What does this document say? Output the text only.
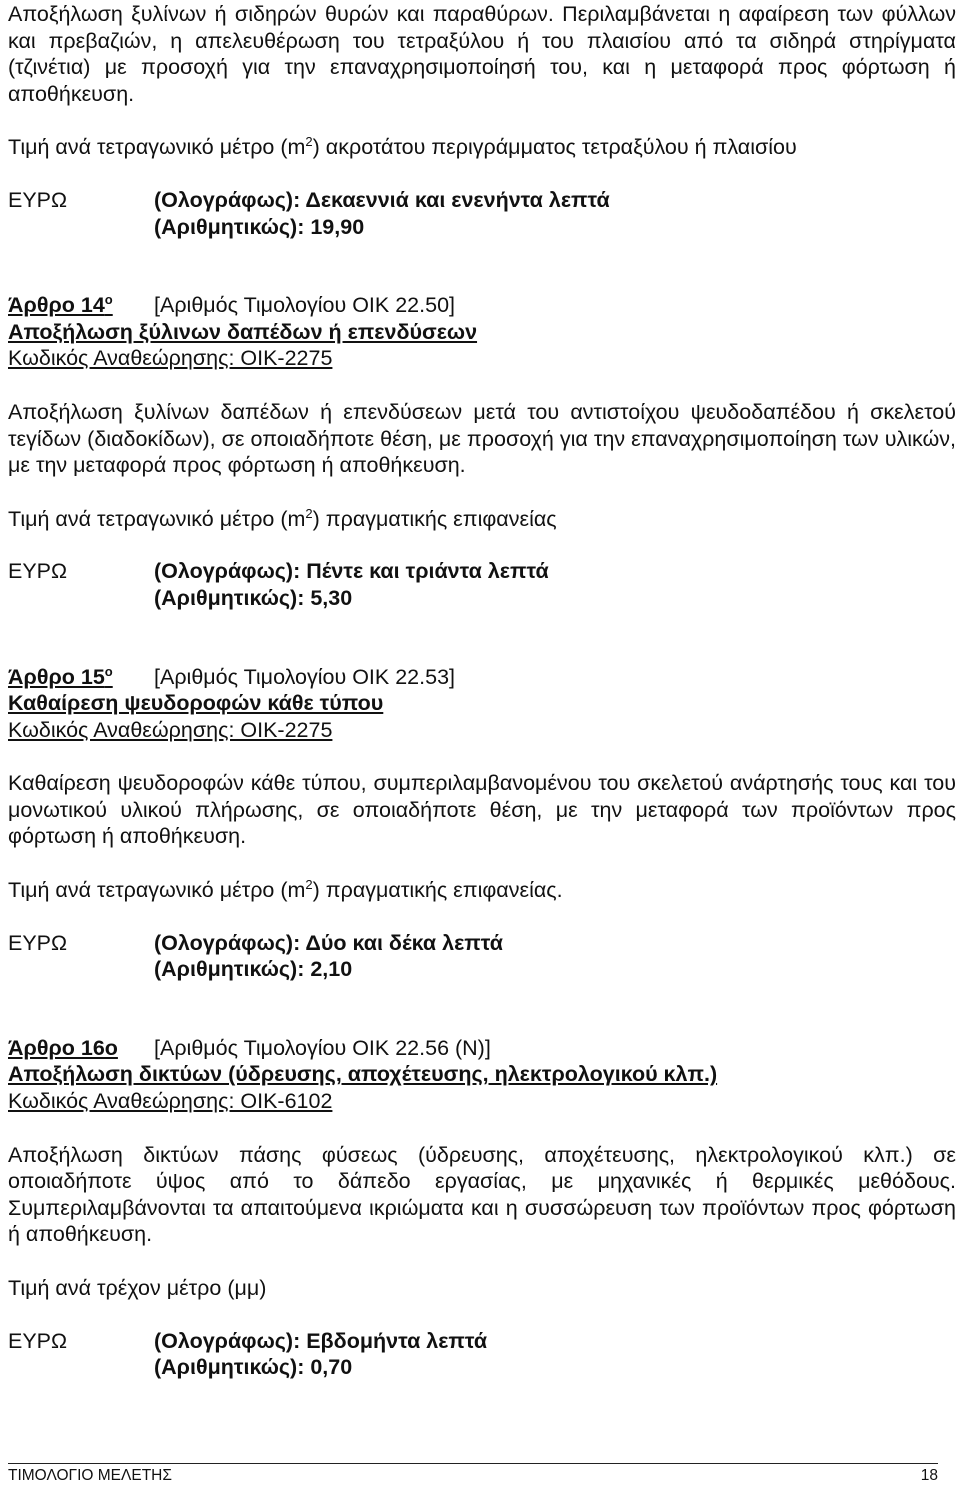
Αποξήλωση ξυλίνων ή σιδηρών θυρών και παραθύρων. Περιλαμβάνεται η αφαίρεση των φύλλων και πρεβαζιών, η απελευθέρωση του τετραξύλου ή του πλαισίου από τα σιδηρά στηρίγματα (τζινέτια) με προσοχή για την επαναχρησιμοποίησή του, και η μεταφορά προς φόρτωση ή αποθήκευση.

Τιμή ανά τετραγωνικό μέτρο $(m^2)$ ακροτάτου περιγράμματος τετραξύλου ή πλαισίου

ΕΥΡΩ	(Ολογράφως): Δεκαεννιά και ενενήντα λεπτά
(Αριθμητικώς): 19,90
Άρθρο $14^o$	[Αριθμός Τιμολογίου ΟΙΚ 22.50]

Αποξήλωση ξύλινων δαπέδων ή επενδύσεων

Κωδικός Αναθεώρησης: ΟΙΚ-2275

Αποξήλωση ξυλίνων δαπέδων ή επενδύσεων μετά του αντιστοίχου ψευδοδαπέδου ή σκελετού τεγίδων (διαδοκίδων), σε οποιαδήποτε θέση, με προσοχή για την επαναχρησιμοποίηση των υλικών, με την μεταφορά προς φόρτωση ή αποθήκευση.

Τιμή ανά τετραγωνικό μέτρο $(m^2)$ πραγματικής επιφανείας

ΕΥΡΩ	(Ολογράφως): Πέντε και τριάντα λεπτά
(Αριθμητικώς): 5,30
Άρθρο $15^o$	[Αριθμός Τιμολογίου ΟΙΚ 22.53]

Καθαίρεση ψευδοροφών κάθε τύπου

Κωδικός Αναθεώρησης: ΟΙΚ-2275

Καθαίρεση ψευδοροφών κάθε τύπου, συμπεριλαμβανομένου του σκελετού ανάρτησής τους και του μονωτικού υλικού πλήρωσης, σε οποιαδήποτε θέση, με την μεταφορά των προϊόντων προς φόρτωση ή αποθήκευση.

Τιμή ανά τετραγωνικό μέτρο $(m^2)$ πραγματικής επιφανείας.

ΕΥΡΩ	(Ολογράφως): Δύο και δέκα λεπτά
(Αριθμητικώς): 2,10
Άρθρο 16ο	[Αριθμός Τιμολογίου ΟΙΚ 22.56 (Ν)]

Αποξήλωση δικτύων (ύδρευσης, αποχέτευσης, ηλεκτρολογικού κλπ.)

Κωδικός Αναθεώρησης: ΟΙΚ-6102

Αποξήλωση δικτύων πάσης φύσεως (ύδρευσης, αποχέτευσης, ηλεκτρολογικού κλπ.) σε οποιαδήποτε ύψος από το δάπεδο εργασίας, με μηχανικές ή θερμικές μεθόδους. Συμπεριλαμβάνονται τα απαιτούμενα ικριώματα και η συσσώρευση των προϊόντων προς φόρτωση ή αποθήκευση.

Τιμή ανά τρέχον μέτρο (μμ)

ΕΥΡΩ	(Ολογράφως): Εβδομήντα λεπτά
(Αριθμητικώς): 0,70
ΤΙΜΟΛΟΓΙΟ ΜΕΛΕΤΗΣ	18
